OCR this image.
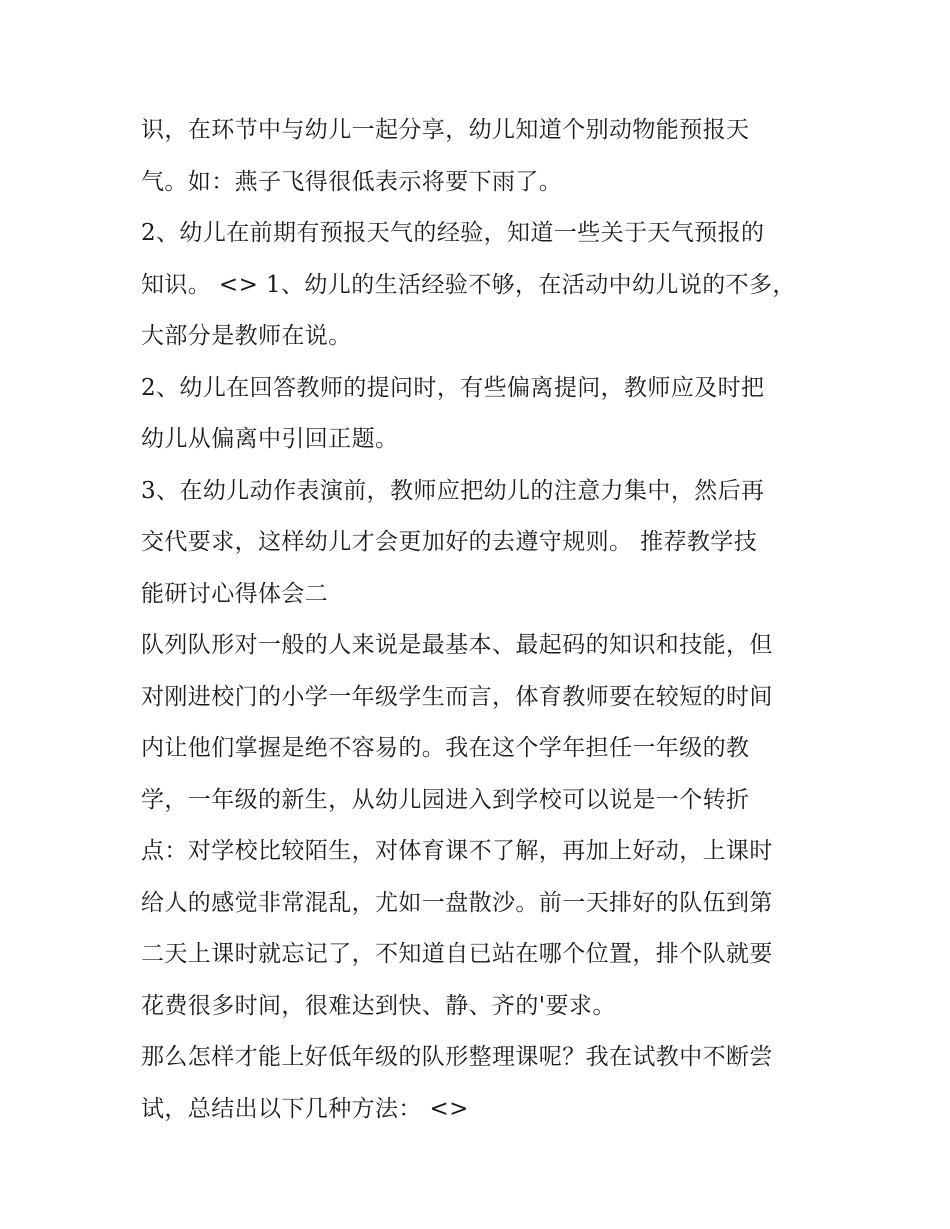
识，在环节中与幼儿一起分享，幼儿知道个别动物能预报天
气。如：燕子飞得很低表示将要下雨了。
2、幼儿在前期有预报天气的经验，知道一些关于天气预报的
知识。 <> 1、幼儿的生活经验不够，在活动中幼儿说的不多，
大部分是教师在说。
2、幼儿在回答教师的提问时，有些偏离提问，教师应及时把
幼儿从偏离中引回正题。
3、在幼儿动作表演前，教师应把幼儿的注意力集中，然后再
交代要求，这样幼儿才会更加好的去遵守规则。 推荐教学技
能研讨心得体会二
队列队形对一般的人来说是最基本、最起码的知识和技能，但
对刚进校门的小学一年级学生而言，体育教师要在较短的时间
内让他们掌握是绝不容易的。我在这个学年担任一年级的教
学，一年级的新生，从幼儿园进入到学校可以说是一个转折
点：对学校比较陌生，对体育课不了解，再加上好动，上课时
给人的感觉非常混乱，尤如一盘散沙。前一天排好的队伍到第
二天上课时就忘记了，不知道自已站在哪个位置，排个队就要
花费很多时间，很难达到快、静、齐的'要求。
那么怎样才能上好低年级的队形整理课呢？我在试教中不断尝
试，总结出以下几种方法： <>
